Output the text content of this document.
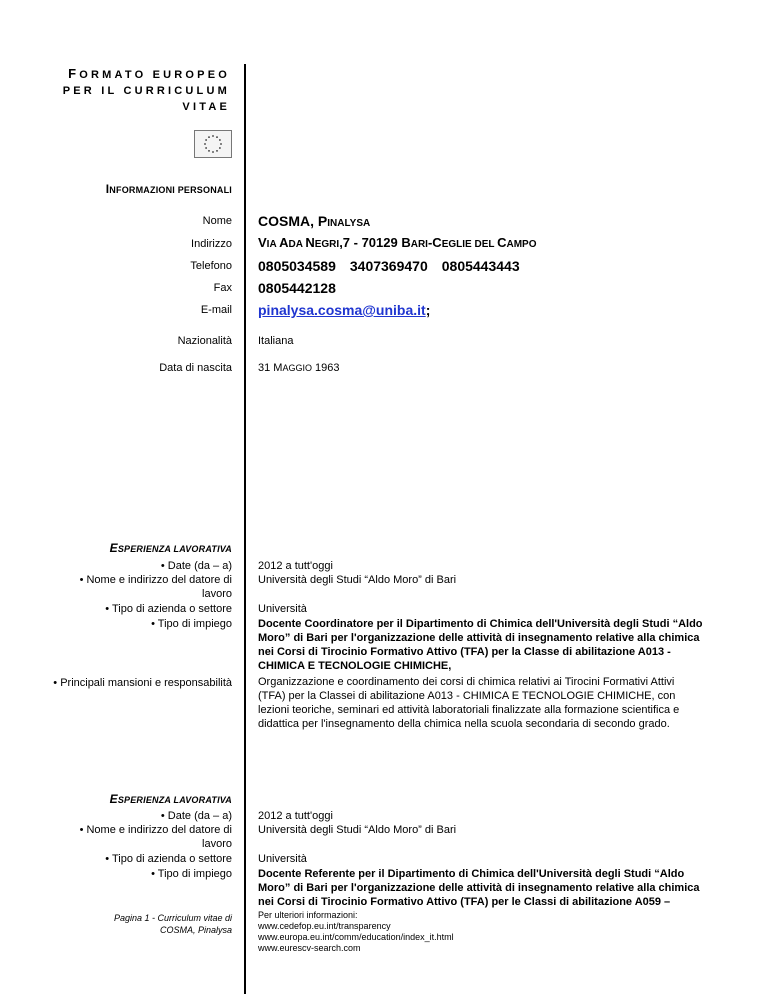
FORMATO EUROPEO
PER IL CURRICULUM
VITAE
INFORMAZIONI PERSONALI
Nome COSMA, PINALYSA
Indirizzo VIA ADA NEGRI,7 - 70129 BARI-CEGLIE DEL CAMPO
Telefono 0805034589 3407369470 0805443443
Fax 0805442128
E-mail pinalysa.cosma@uniba.it;
Nazionalità Italiana
Data di nascita 31 MAGGIO 1963
ESPERIENZA LAVORATIVA
• Date (da – a)
• Nome e indirizzo del datore di lavoro
• Tipo di azienda o settore
• Tipo di impiego
• Principali mansioni e responsabilità
2012 a tutt'oggi
Università degli Studi “Aldo Moro” di Bari
Università
Docente Coordinatore per il Dipartimento di Chimica dell'Università degli Studi “Aldo Moro” di Bari per l'organizzazione delle attività di insegnamento relative alla chimica nei Corsi di Tirocinio Formativo Attivo (TFA) per la Classe di abilitazione A013 - CHIMICA E TECNOLOGIE CHIMICHE,
Organizzazione e coordinamento dei corsi di chimica relativi ai Tirocini Formativi Attivi (TFA) per la Classei di abilitazione A013 - CHIMICA E TECNOLOGIE CHIMICHE, con lezioni teoriche, seminari ed attività laboratoriali finalizzate alla formazione scientifica e didattica per l'insegnamento della chimica nella scuola secondaria di secondo grado.
ESPERIENZA LAVORATIVA
• Date (da – a)
• Nome e indirizzo del datore di lavoro
• Tipo di azienda o settore
• Tipo di impiego
2012 a tutt'oggi
Università degli Studi “Aldo Moro” di Bari
Università
Docente Referente per il Dipartimento di Chimica dell'Università degli Studi “Aldo Moro” di Bari per l'organizzazione delle attività di insegnamento relative alla chimica nei Corsi di Tirocinio Formativo Attivo (TFA) per le Classi di abilitazione A059 –
Pagina 1 - Curriculum vitae di
COSMA, Pinalysa
Per ulteriori informazioni:
www.cedefop.eu.int/transparency
www.europa.eu.int/comm/education/index_it.html
www.eurescv-search.com
